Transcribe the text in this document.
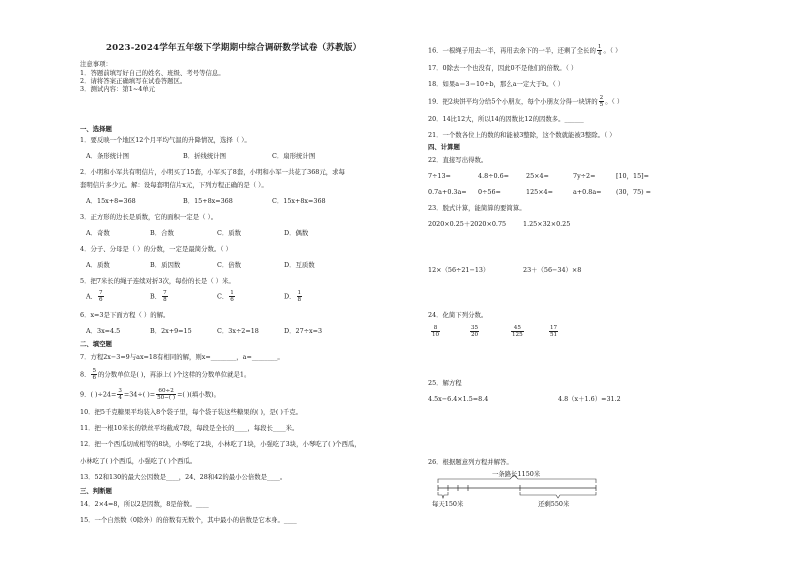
2023-2024学年五年级下学期期中综合调研数学试卷（苏教版）
注意事项：
1．答题前填写好自己的姓名、班级、考号等信息。
2．请将答案正确填写在试卷答题区。
3．测试内容：第1~4单元
一、选择题
1．要反映一个地区12个月平均气温的升降情况，选择（ ）。
A．条形统计图	B．折线统计图	C．扇形统计图
2．小明和小军共有明信片，小明买了15套，小军买了8套，小明和小军一共花了368元，求每
套明信片多少元。解：设每套明信片x元，下列方程正确的是（ ）。
A．15x+8=368	B．15+8x=368	C．15x+8x=368
3．正方形的边长是质数，它的面积一定是（ ）。
A．奇数	B．合数	C．质数	D．偶数
4．分子、分母是（ ）的分数，一定是最简分数。（ ）
A．质数	B．质因数	C．倍数	D．互质数
5．把7米长的绳子连续对折3次，每份的长是（ ）米。
A． $\frac{7}{6}$	B． $\frac{7}{8}$	C． $\frac{1}{6}$	D． $\frac{1}{8}$
6．x=3是下面方程（ ）的解。
A．3x=4.5	B．2x+9=15	C．3x÷2=18	D．27÷x=3
二、填空题
7．方程2x−3=9与ax=18有相同的解，则x=________，a=________。
8． $\frac{5}{6}$ 的分数单位是( )，再添上( )个这样的分数单位就是1。
9．( )$\div 24= \frac{3}{4} =34\div$( )= $\frac{60\div 2}{50-( )}$ =( )(填小数)。
10．把5千克糖果平均装入8个袋子里，每个袋子装这些糖果的( )，是( )千克。
11．把一根10米长的铁丝平均截成7段，每段是全长的____，每段长____米。
12．把一个西瓜切成相等的8块，小琴吃了2块，小林吃了1块，小强吃了3块，小琴吃了( )个西瓜，
小林吃了( )个西瓜，小强吃了( )个西瓜。
13．52和130的最大公因数是____，24、28和42的最小公倍数是____。
三、判断题
14．2×4=8，所以2是因数，8是倍数。____
15．一个自然数（0除外）的倍数有无数个，其中最小的倍数是它本身。____
16．一根绳子用去一半，再用去余下的一半，还剩了全长的 $\frac{1}{4}$ 。（ ）
17．0除去一个也没有，因此0不是他们的倍数。（ ）
18．如果a＝3＝10÷b，那么a一定大于b。（ ）
19．把2块饼平均分给5个小朋友，每个小朋友分得一块饼的 $\frac{2}{5}$ 。（ ）
20．14比12大，所以14的因数比12的因数多。______
21．一个数各位上的数的和能被3整除，这个数就能被3整除。（ ）
四、计算题
22．直接写出得数。
7÷13=	4.8÷0.6=	25×4=	7y÷2=	[10，15]=
0.7a+0.3a= 0÷56=	125×4=	a+0.8a= (30，75) =
23．脱式计算，能简算的要简算。
2020×0.25＋2020×0.75	1.25×32×0.25
12×（56÷21−13）	23＋（56−34）×8
24．化简下列分数。
$\frac{8}{10}$	$\frac{35}{20}$	$\frac{45}{125}$	$\frac{17}{51}$
25．解方程
4.5x−6.4×1.5=8.4	4.8（x＋1.6）=31.2
26．根据题意列方程并解答。
一条路长1150米
每天150米	还剩550米
